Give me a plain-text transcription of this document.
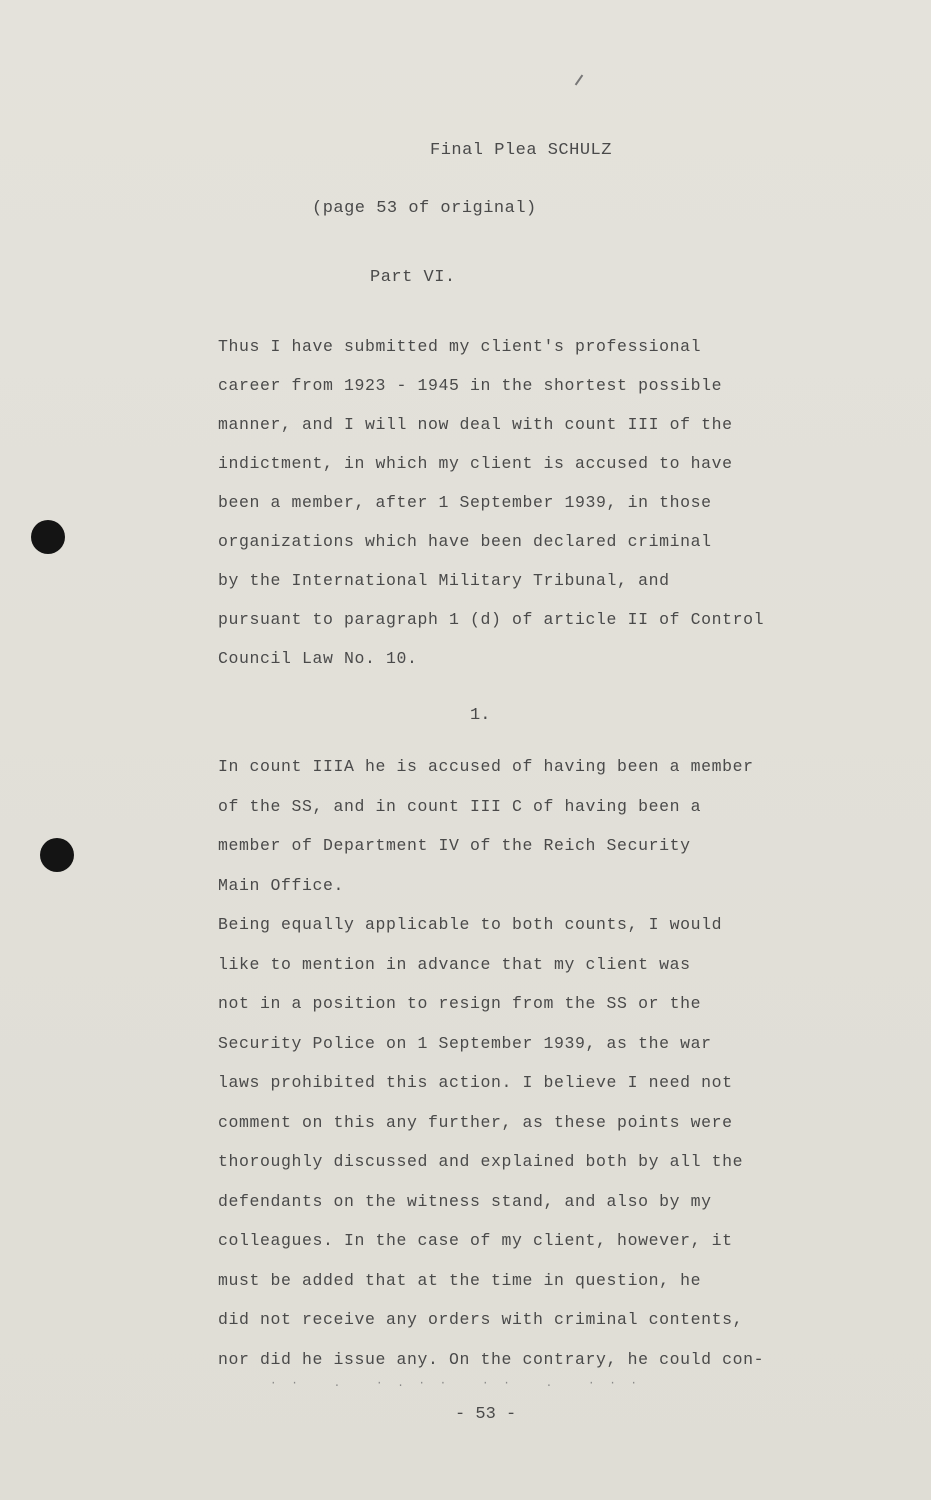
Final Plea SCHULZ
(page 53 of original)
Part VI.
Thus I have submitted my client's professional
career from 1923 - 1945 in the shortest possible
manner, and I will now deal with count III of the
indictment, in which my client is accused to have
been a member, after 1 September 1939, in those
organizations which have been declared criminal
by the International Military Tribunal, and
pursuant to paragraph 1 (d) of article II of Control
Council Law No. 10.
1.
In count IIIA he is accused of having been a member
of the SS, and in count III C of having been a
member of Department IV of the Reich Security
Main Office.
Being equally applicable to both counts, I would
like to mention in advance that my client was
not in a position to resign from the SS or the
Security Police on 1 September 1939, as the war
laws prohibited this action. I believe I need not
comment on this any further, as these points were
thoroughly discussed and explained both by all the
defendants on the witness stand, and also by my
colleagues. In the case of my client, however, it
must be added that at the time in question, he
did not receive any orders with criminal contents,
nor did he issue any. On the contrary, he could con-
· ·   .   · . · ·   · ·   .   · · ·
- 53 -
